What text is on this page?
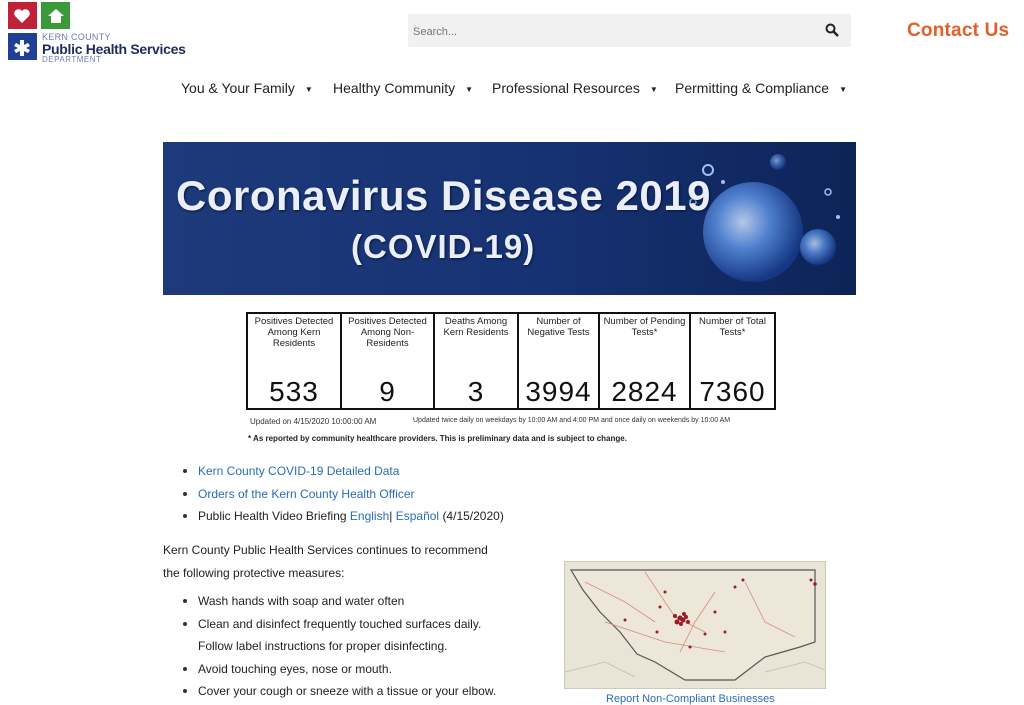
KERN COUNTY
Public Health Services
DEPARTMENT
Search...
Contact Us
You & Your Family ▼ Healthy Community ▼ Professional Resources ▼ Permitting & Compliance ▼
Coronavirus Disease 2019
(COVID-19)
Positives Detected Among Kern Residents
533
Positives Detected Among Non-Residents
9
Deaths Among Kern Residents
3
Number of Negative Tests
3994
Number of Pending Tests*
2824
Number of Total Tests*
7360
Updated on 4/15/2020 10:00:00 AM	Updated twice daily on weekdays by 10:00 AM and 4:00 PM and once daily on weekends by 10:00 AM
* As reported by community healthcare providers. This is preliminary data and is subject to change.
Kern County COVID-19 Detailed Data
Orders of the Kern County Health Officer
Public Health Video Briefing English| Español (4/15/2020)
Kern County Public Health Services continues to recommend the following protective measures:
Wash hands with soap and water often
Clean and disinfect frequently touched surfaces daily. Follow label instructions for proper disinfecting.
Avoid touching eyes, nose or mouth.
Cover your cough or sneeze with a tissue or your elbow.
Report Non-Compliant Businesses
